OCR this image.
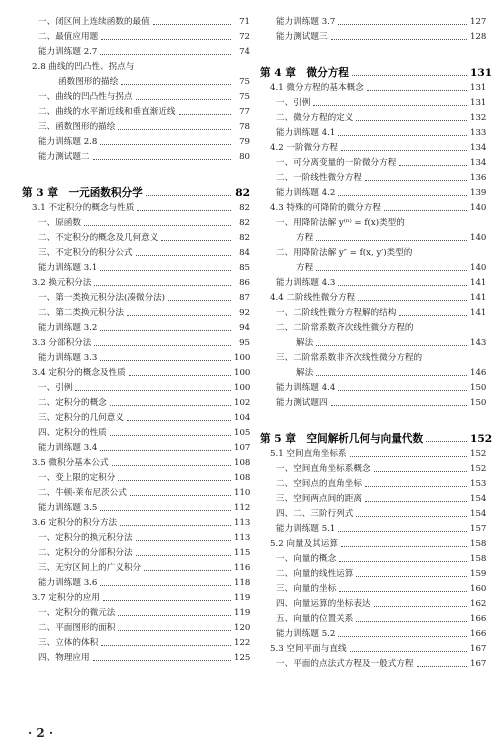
一、闭区间上连续函数的最值	71
二、最值应用题	72
能力训练题 2.7	74
2.8 曲线的凹凸性、拐点与
函数图形的描绘	75
一、曲线的凹凸性与拐点	75
二、曲线的水平渐近线和垂直渐近线	77
三、函数图形的描绘	78
能力训练题 2.8	79
能力测试题二	80
第 3 章　一元函数积分学	82
3.1 不定积分的概念与性质	82
一、原函数	82
二、不定积分的概念及几何意义	82
三、不定积分的积分公式	84
能力训练题 3.1	85
3.2 换元积分法	86
一、第一类换元积分法(凑微分法)	87
二、第二类换元积分法	92
能力训练题 3.2	94
3.3 分部积分法	95
能力训练题 3.3	100
3.4 定积分的概念及性质	100
一、引例	100
二、定积分的概念	102
三、定积分的几何意义	104
四、定积分的性质	105
能力训练题 3.4	107
3.5 微积分基本公式	108
一、变上限的定积分	108
二、牛顿-莱布尼茨公式	110
能力训练题 3.5	112
3.6 定积分的积分方法	113
一、定积分的换元积分法	113
二、定积分的分部积分法	115
三、无穷区间上的广义积分	116
能力训练题 3.6	118
3.7 定积分的应用	119
一、定积分的微元法	119
二、平面图形的面积	120
三、立体的体积	122
四、物理应用	125
能力训练题 3.7	127
能力测试题三	128
第 4 章　微分方程	131
4.1 微分方程的基本概念	131
一、引例	131
二、微分方程的定义	132
能力训练题 4.1	133
4.2 一阶微分方程	134
一、可分离变量的一阶微分方程	134
二、一阶线性微分方程	136
能力训练题 4.2	139
4.3 特殊的可降阶的微分方程	140
一、用降阶法解 y⁽ⁿ⁾ = f(x)类型的
方程	140
二、用降阶法解 y″ = f(x, y′)类型的
方程	140
能力训练题 4.3	141
4.4 二阶线性微分方程	141
一、二阶线性微分方程解的结构	141
二、二阶常系数齐次线性微分方程的
解法	143
三、二阶常系数非齐次线性微分方程的
解法	146
能力训练题 4.4	150
能力测试题四	150
第 5 章　空间解析几何与向量代数	152
5.1 空间直角坐标系	152
一、空间直角坐标系概念	152
二、空间点的直角坐标	153
三、空间两点间的距离	154
四、二、三阶行列式	154
能力训练题 5.1	157
5.2 向量及其运算	158
一、向量的概念	158
二、向量的线性运算	159
三、向量的坐标	160
四、向量运算的坐标表达	162
五、向量的位置关系	166
能力训练题 5.2	166
5.3 空间平面与直线	167
一、平面的点法式方程及一般式方程	167
· 2 ·
